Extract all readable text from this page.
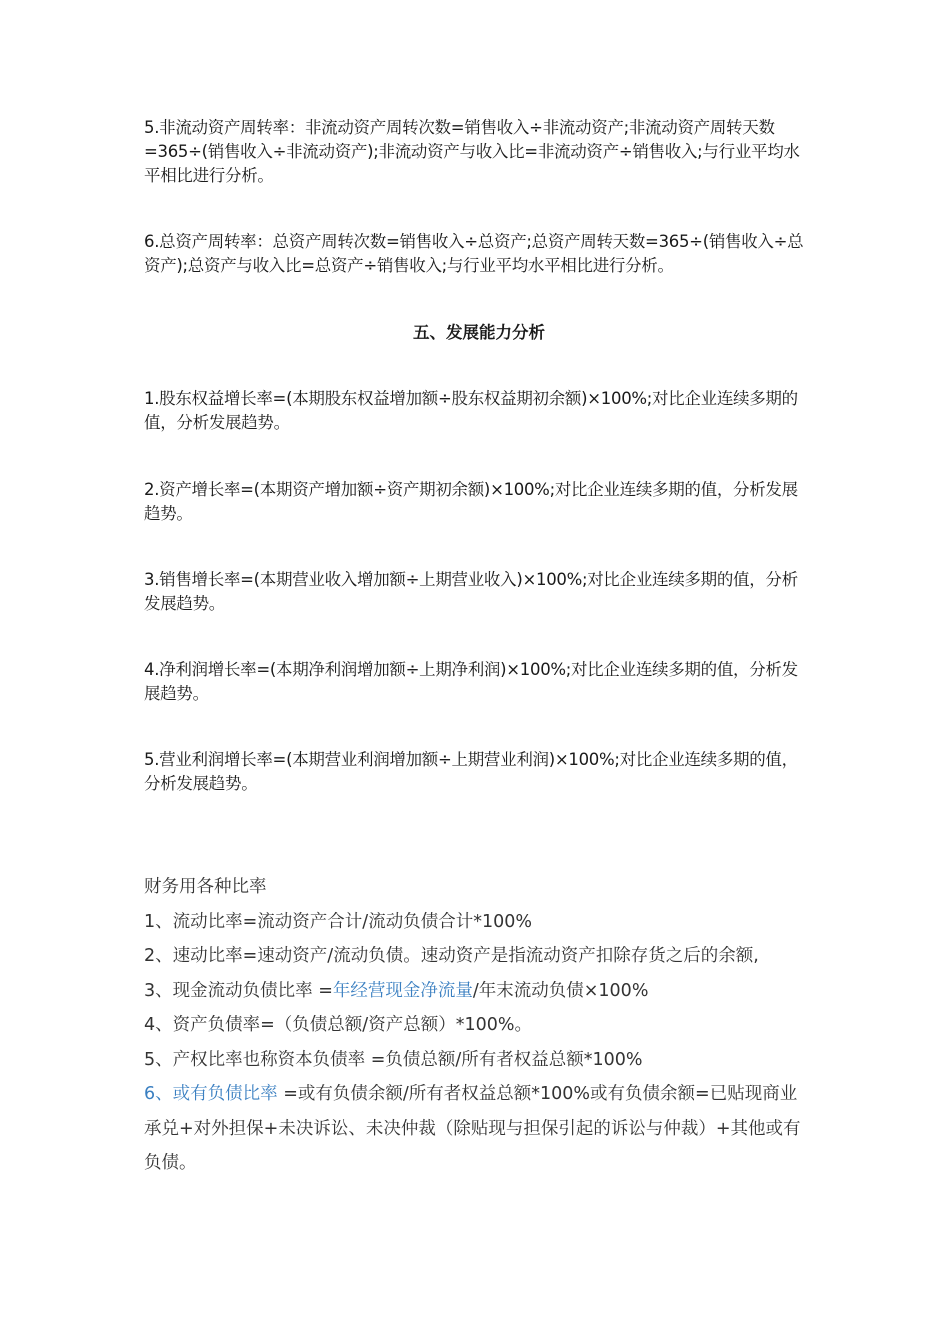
5.非流动资产周转率：非流动资产周转次数=销售收入÷非流动资产;非流动资产周转天数=365÷(销售收入÷非流动资产);非流动资产与收入比=非流动资产÷销售收入;与行业平均水平相比进行分析。

6.总资产周转率：总资产周转次数=销售收入÷总资产;总资产周转天数=365÷(销售收入÷总资产);总资产与收入比=总资产÷销售收入;与行业平均水平相比进行分析。

五、发展能力分析

1.股东权益增长率=(本期股东权益增加额÷股东权益期初余额)×100%;对比企业连续多期的值，分析发展趋势。

2.资产增长率=(本期资产增加额÷资产期初余额)×100%;对比企业连续多期的值，分析发展趋势。

3.销售增长率=(本期营业收入增加额÷上期营业收入)×100%;对比企业连续多期的值，分析发展趋势。

4.净利润增长率=(本期净利润增加额÷上期净利润)×100%;对比企业连续多期的值，分析发展趋势。

5.营业利润增长率=(本期营业利润增加额÷上期营业利润)×100%;对比企业连续多期的值，分析发展趋势。

财务用各种比率

1、流动比率=流动资产合计/流动负债合计*100%

2、速动比率=速动资产/流动负债。速动资产是指流动资产扣除存货之后的余额,

3、现金流动负债比率 =年经营现金净流量/年末流动负债×100%

4、资产负债率=（负债总额/资产总额）*100%。

5、产权比率也称资本负债率 =负债总额/所有者权益总额*100%

6、或有负债比率 =或有负债余额/所有者权益总额*100%或有负债余额=已贴现商业承兑+对外担保+未决诉讼、未决仲裁（除贴现与担保引起的诉讼与仲裁）+其他或有负债。
